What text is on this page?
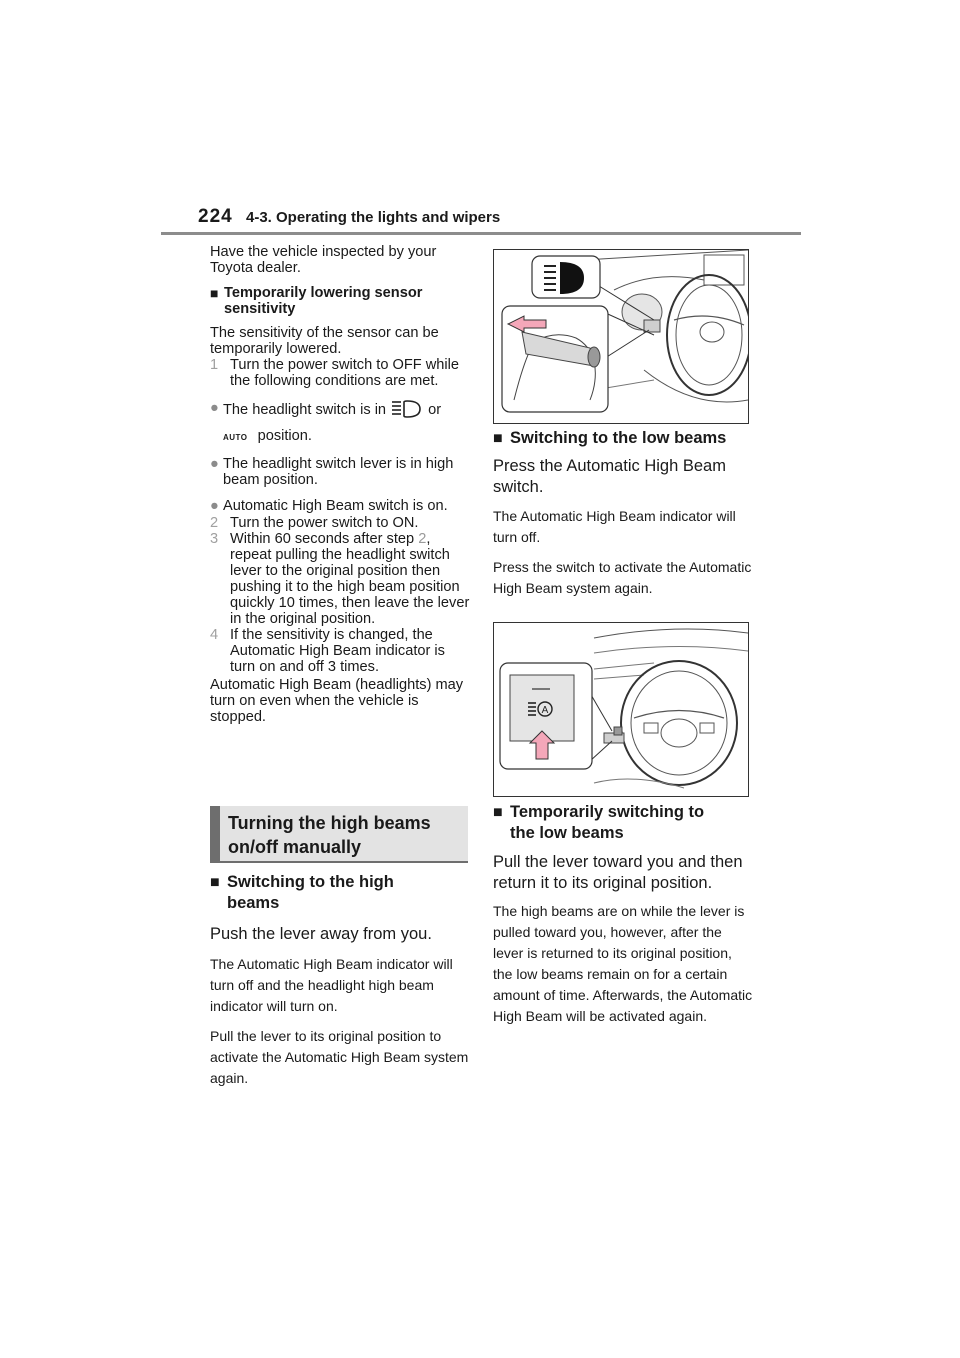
224 4-3. Operating the lights and wipers

Have the vehicle inspected by your Toyota dealer.

■ Temporarily lowering sensor sensitivity

The sensitivity of the sensor can be temporarily lowered.

1 Turn the power switch to OFF while the following conditions are met.
● The headlight switch is in	or
AUTO position.
● The headlight switch lever is in high beam position.
● Automatic High Beam switch is on.
2 Turn the power switch to ON.
3 Within 60 seconds after step 2, repeat pulling the headlight switch lever to the original position then pushing it to the high beam position quickly 10 times, then leave the lever in the original position.
4 If the sensitivity is changed, the Automatic High Beam indicator is turn on and off 3 times.

Automatic High Beam (headlights) may turn on even when the vehicle is stopped.

Turning the high beams
on/off manually
■ Switching to the high
beams

Push the lever away from you.

The Automatic High Beam indicator will turn off and the headlight high beam indicator will turn on.

Pull the lever to its original position to activate the Automatic High Beam system again.

■ Switching to the low beams

Press the Automatic High Beam switch.

The Automatic High Beam indicator will turn off.

Press the switch to activate the Automatic High Beam system again.

A
■ Temporarily switching to
the low beams

Pull the lever toward you and then return it to its original position.

The high beams are on while the lever is pulled toward you, however, after the lever is returned to its original position, the low beams remain on for a certain amount of time. Afterwards, the Automatic High Beam will be activated again.
